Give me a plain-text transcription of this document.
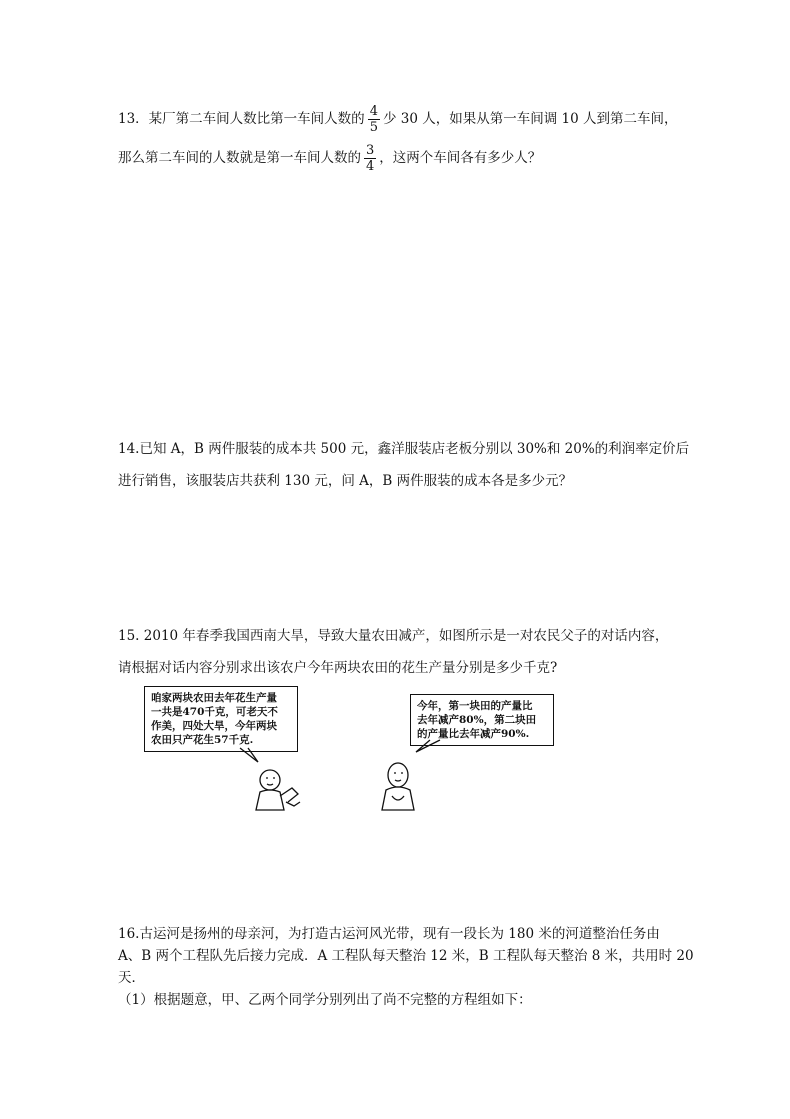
13．某厂第二车间人数比第一车间人数的 $\frac{4}{5}$ 少 30 人，如果从第一车间调 10 人到第二车间，
那么第二车间的人数就是第一车间人数的 $\frac{3}{4}$ ，这两个车间各有多少人？
14.已知 A，B 两件服装的成本共 500 元，鑫洋服装店老板分别以 30%和 20%的利润率定价后
进行销售，该服装店共获利 130 元，问 A，B 两件服装的成本各是多少元？
15. 2010 年春季我国西南大旱，导致大量农田减产，如图所示是一对农民父子的对话内容，
请根据对话内容分别求出该农户今年两块农田的花生产量分别是多少千克?
咱家两块农田去年花生产量
一共是470千克，可老天不
作美，四处大旱，今年两块
农田只产花生57千克.
今年，第一块田的产量比
去年减产80%，第二块田
的产量比去年减产90%.
16.古运河是扬州的母亲河，为打造古运河风光带，现有一段长为 180 米的河道整治任务由
A、B 两个工程队先后接力完成．A 工程队每天整治 12 米，B 工程队每天整治 8 米，共用时 20
天．
（1）根据题意，甲、乙两个同学分别列出了尚不完整的方程组如下：
